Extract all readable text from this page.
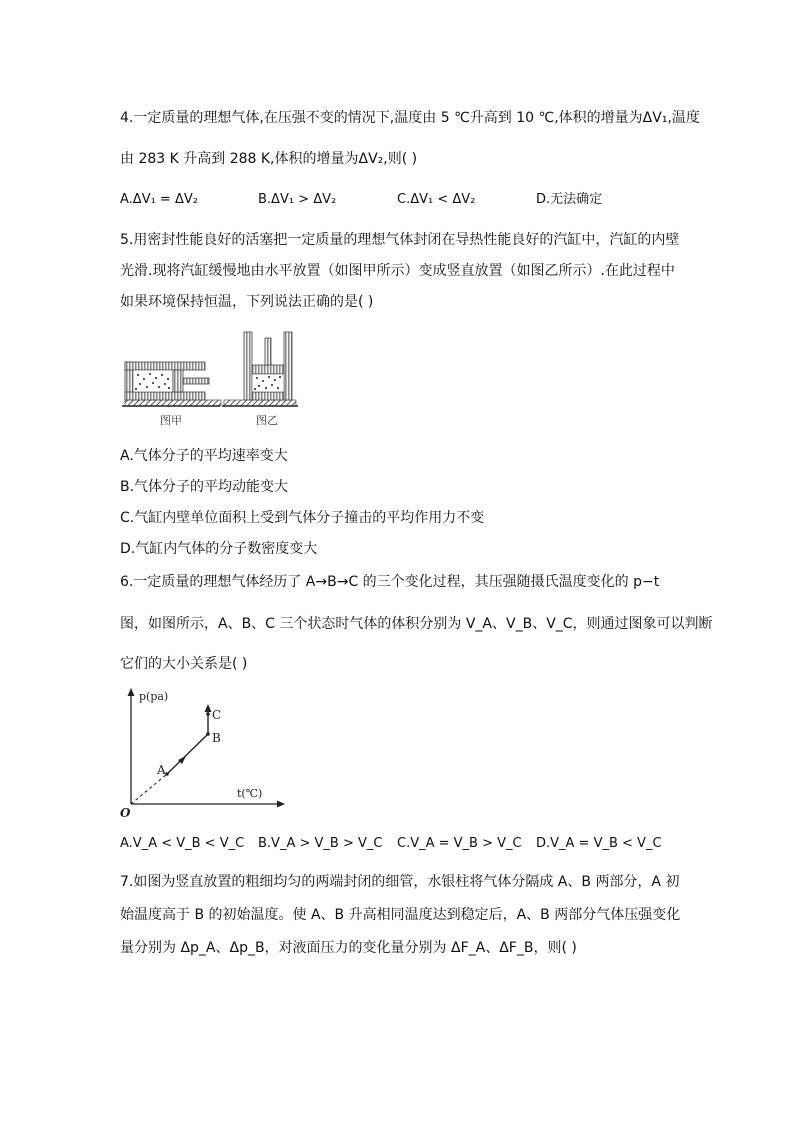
4.一定质量的理想气体,在压强不变的情况下,温度由 5 ℃升高到 10 ℃,体积的增量为ΔV₁,温度
由 283 K 升高到 288 K,体积的增量为ΔV₂,则( )
A.ΔV₁ = ΔV₂	B.ΔV₁ > ΔV₂	C.ΔV₁ < ΔV₂	D.无法确定
5.用密封性能良好的活塞把一定质量的理想气体封闭在导热性能良好的汽缸中，汽缸的内壁
光滑.现将汽缸缓慢地由水平放置（如图甲所示）变成竖直放置（如图乙所示）.在此过程中
如果环境保持恒温，下列说法正确的是( )
图甲	图乙
A.气体分子的平均速率变大
B.气体分子的平均动能变大
C.气缸内壁单位面积上受到气体分子撞击的平均作用力不变
D.气缸内气体的分子数密度变大
6.一定质量的理想气体经历了 A→B→C 的三个变化过程，其压强随摄氏温度变化的 p−t
图，如图所示，A、B、C 三个状态时气体的体积分别为 V_A、V_B、V_C，则通过图象可以判断
它们的大小关系是( )
p(pa)
t(℃)
O
A
B
C
A.V_A < V_B < V_C B.V_A > V_B > V_C C.V_A = V_B > V_C D.V_A = V_B < V_C
7.如图为竖直放置的粗细均匀的两端封闭的细管，水银柱将气体分隔成 A、B 两部分，A 初
始温度高于 B 的初始温度。使 A、B 升高相同温度达到稳定后，A、B 两部分气体压强变化
量分别为 Δp_A、Δp_B，对液面压力的变化量分别为 ΔF_A、ΔF_B，则( )
